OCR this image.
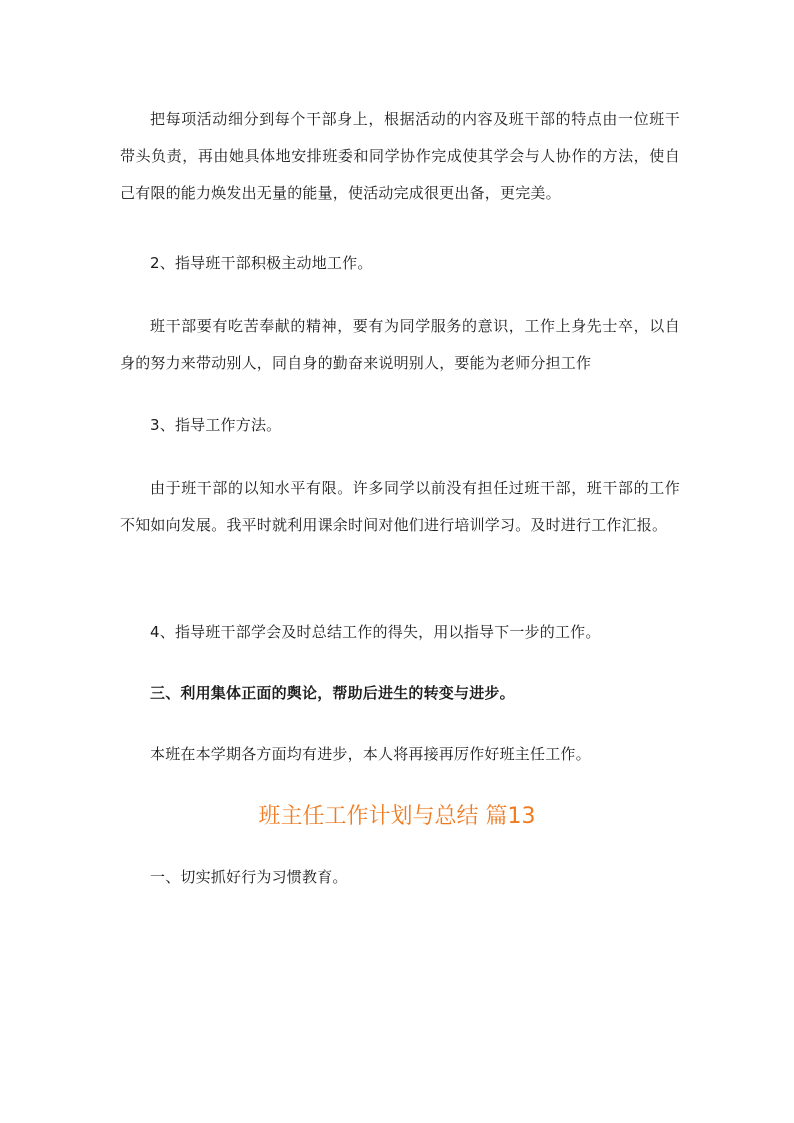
把每项活动细分到每个干部身上，根据活动的内容及班干部的特点由一位班干带头负责，再由她具体地安排班委和同学协作完成使其学会与人协作的方法，使自己有限的能力焕发出无量的能量，使活动完成很更出备，更完美。

2、指导班干部积极主动地工作。

班干部要有吃苦奉献的精神，要有为同学服务的意识，工作上身先士卒，以自身的努力来带动别人，同自身的勤奋来说明别人，要能为老师分担工作

3、指导工作方法。

由于班干部的以知水平有限。许多同学以前没有担任过班干部，班干部的工作不知如向发展。我平时就利用课余时间对他们进行培训学习。及时进行工作汇报。

4、指导班干部学会及时总结工作的得失，用以指导下一步的工作。

三、利用集体正面的舆论，帮助后进生的转变与进步。

本班在本学期各方面均有进步，本人将再接再厉作好班主任工作。

班主任工作计划与总结 篇13

一、切实抓好行为习惯教育。
